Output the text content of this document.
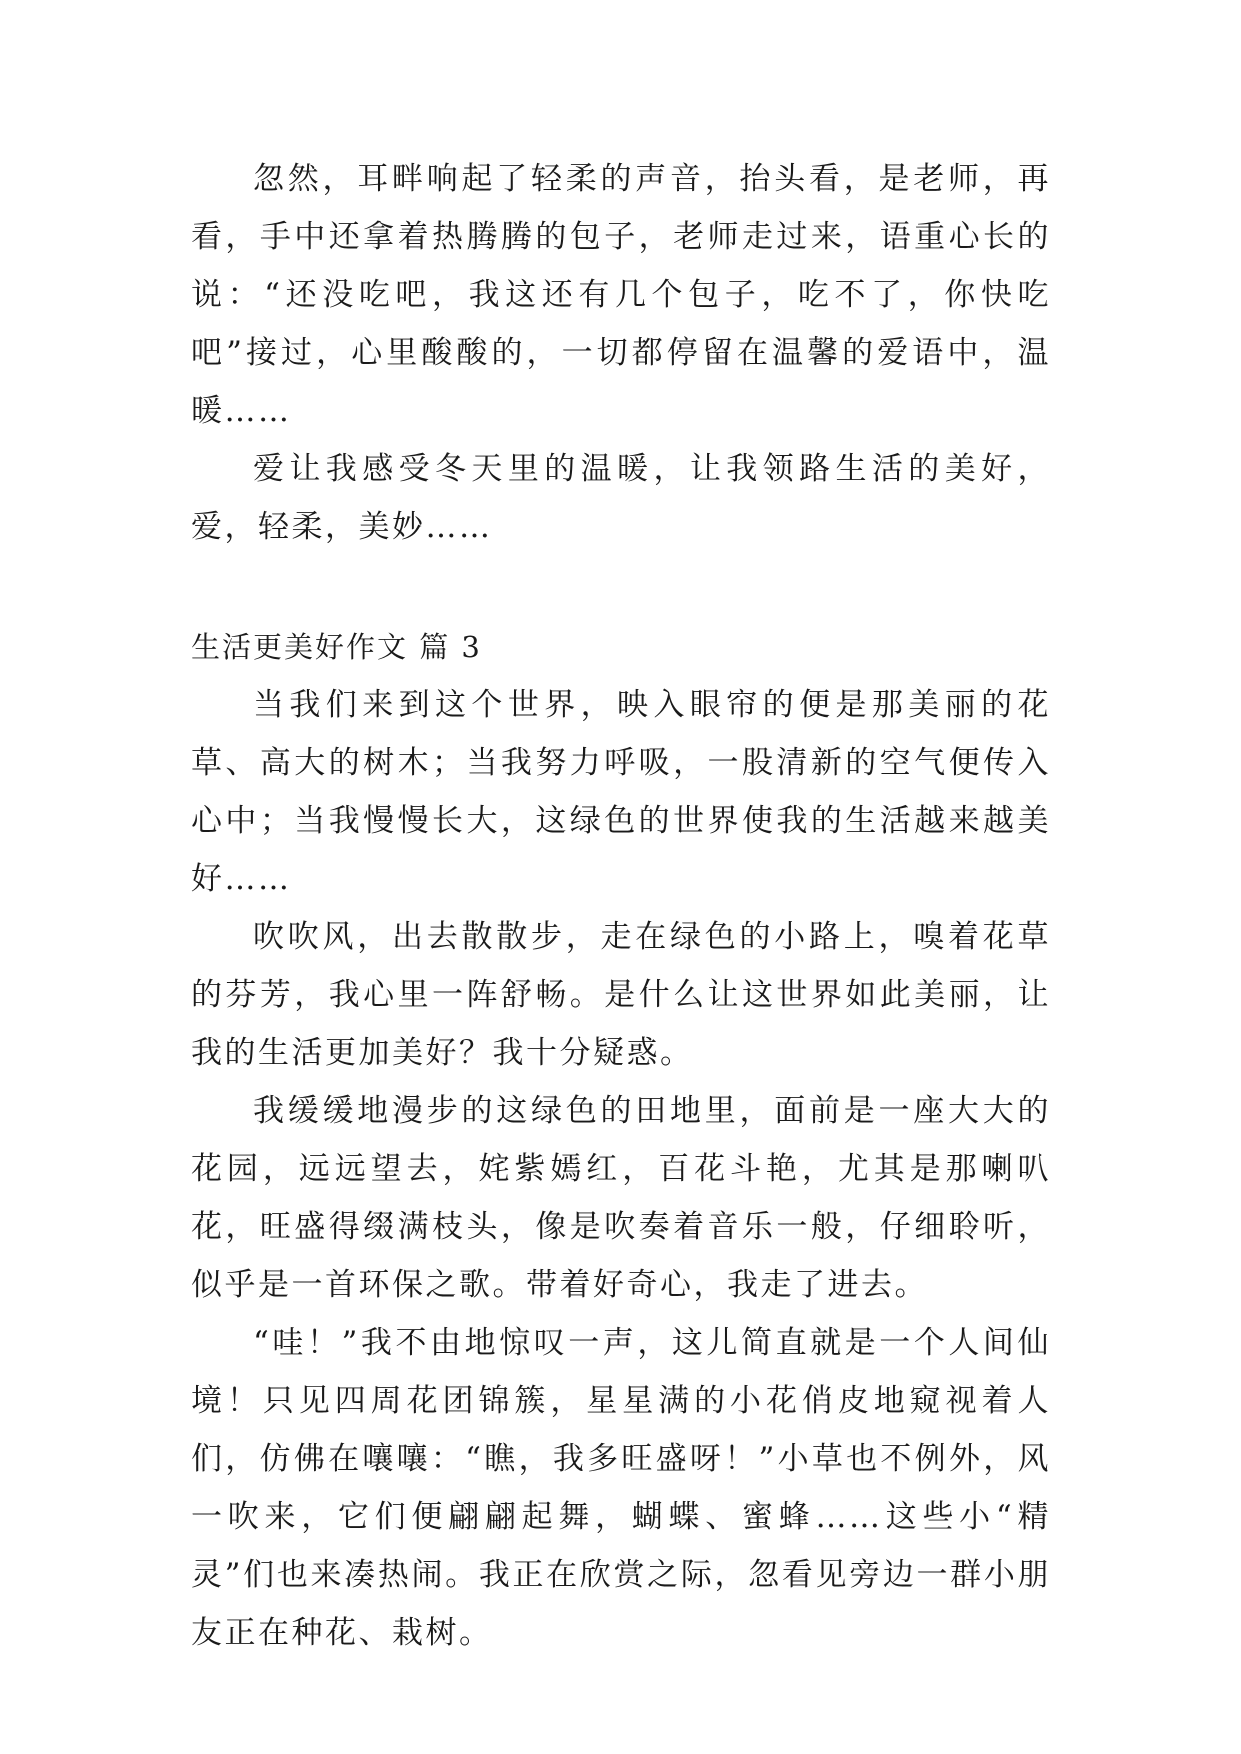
忽然，耳畔响起了轻柔的声音，抬头看，是老师，再看，手中还拿着热腾腾的包子，老师走过来，语重心长的说：“还没吃吧，我这还有几个包子，吃不了，你快吃吧”接过，心里酸酸的，一切都停留在温馨的爱语中，温暖……

爱让我感受冬天里的温暖，让我领路生活的美好，爱，轻柔，美妙……

生活更美好作文 篇 3

当我们来到这个世界，映入眼帘的便是那美丽的花草、高大的树木；当我努力呼吸，一股清新的空气便传入心中；当我慢慢长大，这绿色的世界使我的生活越来越美好……

吹吹风，出去散散步，走在绿色的小路上，嗅着花草的芬芳，我心里一阵舒畅。是什么让这世界如此美丽，让我的生活更加美好？我十分疑惑。

我缓缓地漫步的这绿色的田地里，面前是一座大大的花园，远远望去，姹紫嫣红，百花斗艳，尤其是那喇叭花，旺盛得缀满枝头，像是吹奏着音乐一般，仔细聆听，似乎是一首环保之歌。带着好奇心，我走了进去。

“哇！”我不由地惊叹一声，这儿简直就是一个人间仙境！只见四周花团锦簇，星星满的小花俏皮地窥视着人们，仿佛在嚷嚷：“瞧，我多旺盛呀！”小草也不例外，风一吹来，它们便翩翩起舞，蝴蝶、蜜蜂……这些小“精灵”们也来凑热闹。我正在欣赏之际，忽看见旁边一群小朋友正在种花、栽树。
